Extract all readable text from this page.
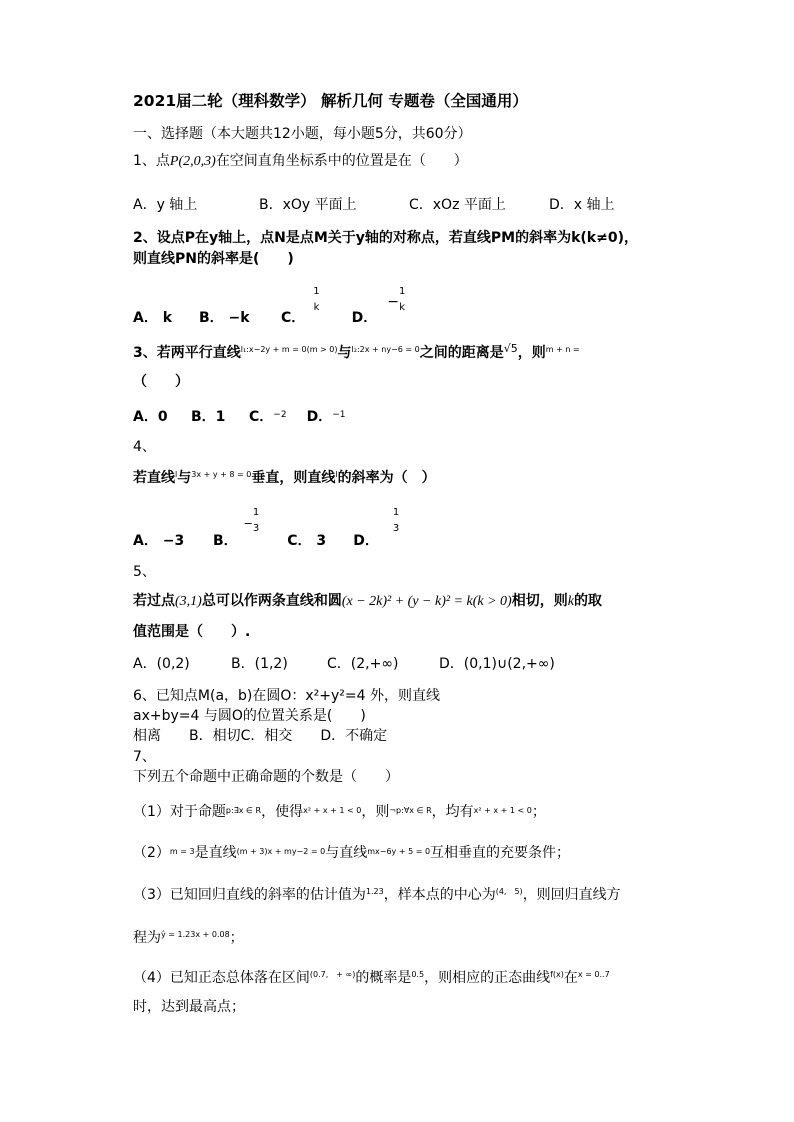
2021届二轮（理科数学） 解析几何 专题卷（全国通用）
一、选择题（本大题共12小题，每小题5分，共60分）
1、点P(2,0,3)在空间直角坐标系中的位置是在（　　）
A．y 轴上	B．xOy 平面上	C．xOz 平面上	D．x 轴上
2、设点P在y轴上，点N是点M关于y轴的对称点，若直线PM的斜率为k(k≠0)，
则直线PN的斜率是(　　)
A． k B． −k C．
1
k
D．−
1
k
3、若两平行直线$^{l_1:x-2y + m = 0(m > 0)}$与$^{l_2:2x + ny-6 = 0}$之间的距离是$^{√5}$，则$^{m + n =}$
（　　）
A．0 B．1 C．$^{-2}$ D．$^{-1}$
4、
若直线$^l$与$^{3x + y + 8 = 0}$垂直，则直线$^l$的斜率为（　）
A． −3 B．−
1
3
C． 3 D．
1
3
5、
若过点(3,1)总可以作两条直线和圆(x − 2k)² + (y − k)² = k(k > 0)相切，则k的取
值范围是（　　）.
A．(0,2)	B．(1,2)	C．(2,+∞)	D．(0,1)∪(2,+∞)
6、已知点M(a，b)在圆O：x²+y²=4 外，则直线
ax+by=4 与圆O的位置关系是(　　)
相离　　B．相切C．相交　　D．不确定
7、
下列五个命题中正确命题的个数是（　　）
（1）对于命题$^{p:\exists x \in R}$，使得$^{x^2 + x + 1 < 0}$，则$^{\neg p:\forall x \in R}$，均有$^{x^2 + x + 1 < 0}$；
$(2)^{m = 3}$是直线$^{(m + 3)x + my-2 = 0}$与直线$^{mx-6y + 5 = 0}$互相垂直的充要条件；
（3）已知回归直线的斜率的估计值为$^{1.23}$，样本点的中心为$^{(4, 5)}$，则回归直线方
程为$^{ŷ = 1.23x + 0.08}$；
（4）已知正态总体落在区间$^{(0.7, + \infty)}$的概率是$^{0.5}$，则相应的正态曲线$^{f(x)}$在$^{x = 0..7}$
时，达到最高点；
